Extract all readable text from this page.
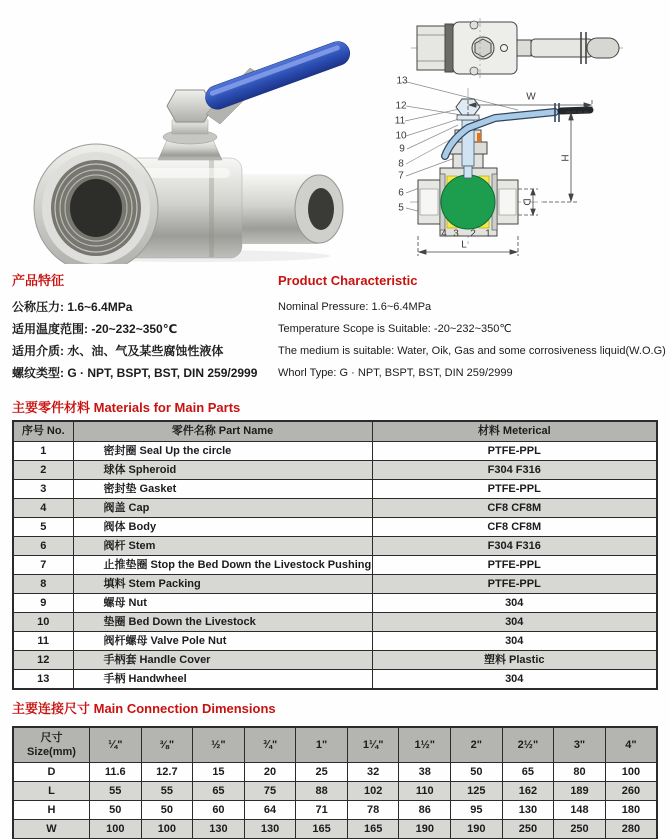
13
12
11
10
9
8
7
6
5
4 3 2 1
W
H
D
L
产品特征
公称压力: 1.6~6.4MPa
适用温度范围: -20~232~350℃
适用介质: 水、油、气及某些腐蚀性液体
螺纹类型: G · NPT, BSPT, BST, DIN 259/2999
Product Characteristic
Nominal Pressure: 1.6~6.4MPa
Temperature Scope is Suitable: -20~232~350℃
The medium is suitable: Water, Oik, Gas and some corrosiveness liquid(W.O.G)
Whorl Type: G · NPT, BSPT, BST, DIN 259/2999
主要零件材料 Materials for Main Parts
序号 No.	零件名称 Part Name	材料 Meterical
1	密封圈 Seal Up the circle	PTFE-PPL
2	球体 Spheroid	F304 F316
3	密封垫 Gasket	PTFE-PPL
4	阀盖 Cap	CF8 CF8M
5	阀体 Body	CF8 CF8M
6	阀杆 Stem	F304 F316
7	止推垫圈 Stop the Bed Down the Livestock Pushing	PTFE-PPL
8	填料 Stem Packing	PTFE-PPL
9	螺母 Nut	304
10	垫圈 Bed Down the Livestock	304
11	阀杆螺母 Valve Pole Nut	304
12	手柄套 Handle Cover	塑料 Plastic
13	手柄 Handwheel	304
主要连接尺寸 Main Connection Dimensions
尺寸
Size(mm)	¼"	⅜"	½"	¾"	1"	1¼"	1½"	2"	2½"	3"	4"
D	11.6	12.7	15	20	25	32	38	50	65	80	100
L	55	55	65	75	88	102	110	125	162	189	260
H	50	50	60	64	71	78	86	95	130	148	180
W	100	100	130	130	165	165	190	190	250	250	280
